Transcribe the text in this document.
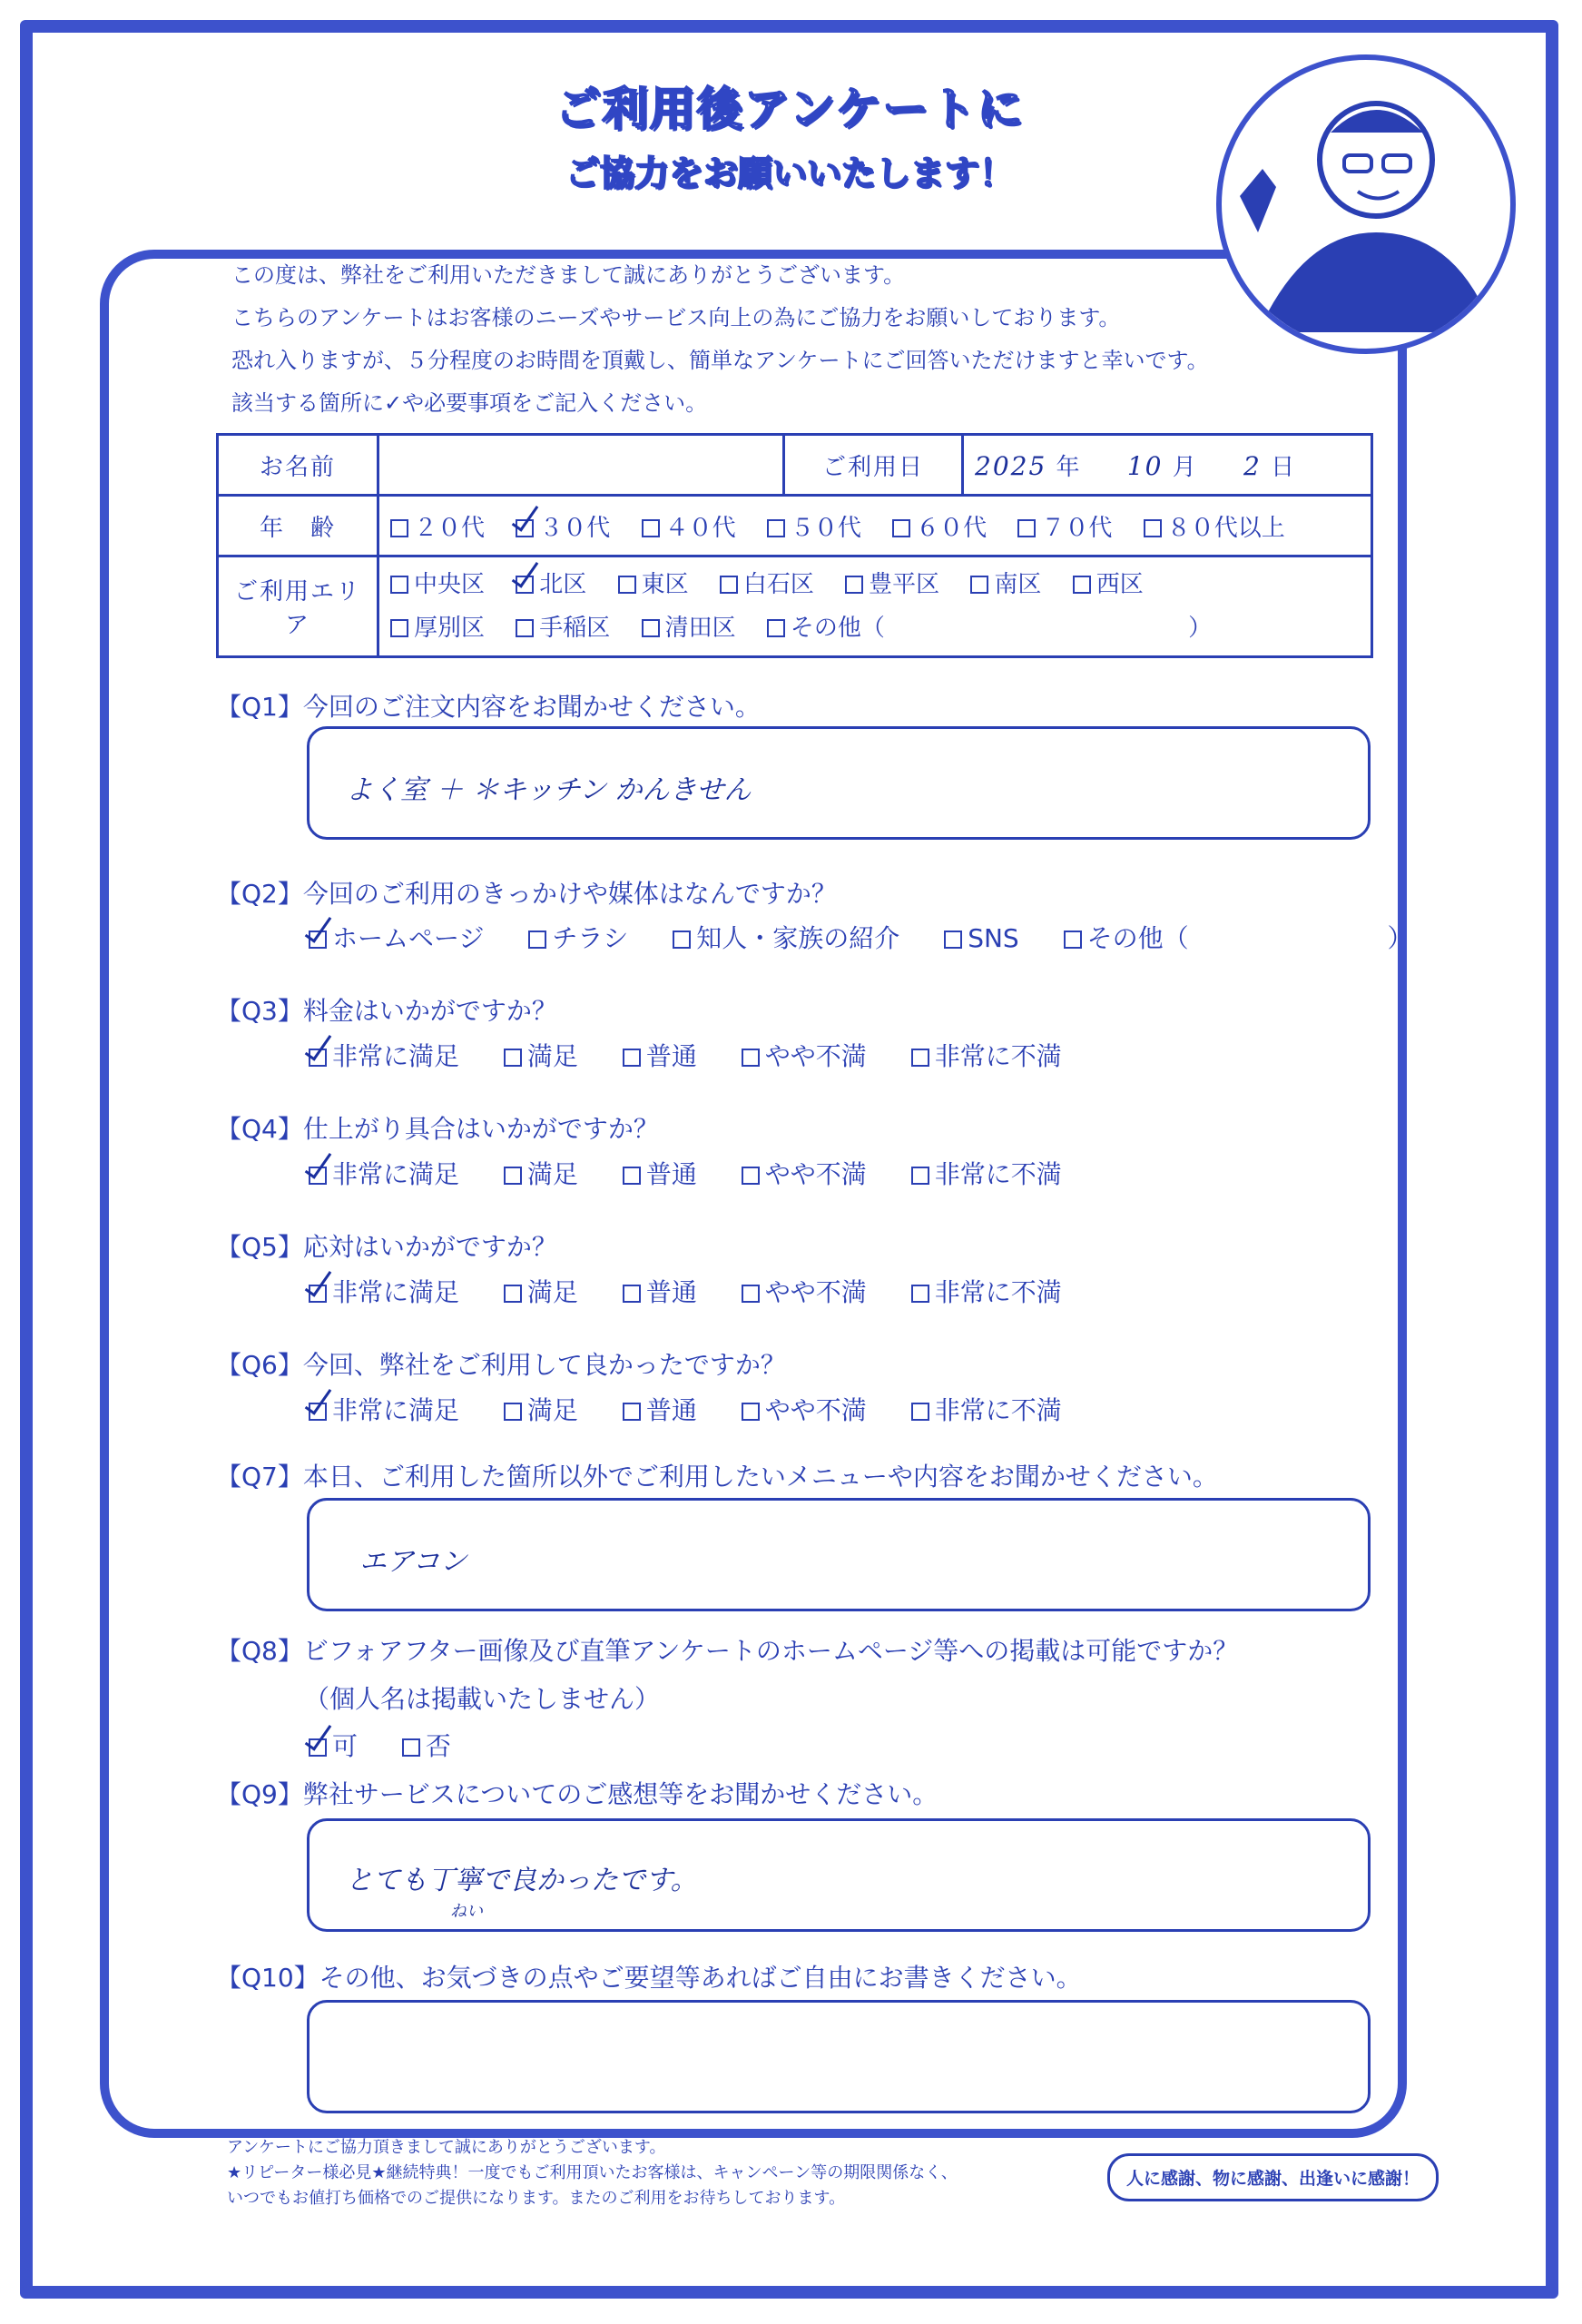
ご利用後アンケートに
ご協力をお願いいたします！
この度は、弊社をご利用いただきまして誠にありがとうございます。
こちらのアンケートはお客様のニーズやサービス向上の為にご協力をお願いしております。
恐れ入りますが、５分程度のお時間を頂戴し、簡単なアンケートにご回答いただけますと幸いです。
該当する箇所に✓や必要事項をご記入ください。
お名前		ご利用日	2025 年 10 月 2 日
年　齢	２０代 ３０代 ４０代 ５０代 ６０代 ７０代 ８０代以上		
ご利用エリア	中央区 北区 東区 白石区 豊平区 南区 西区
厚別区 手稲区 清田区 その他（ ）		
【Q1】今回のご注文内容をお聞かせください。
よく室 ＋ ＊キッチン かんきせん
【Q2】今回のご利用のきっかけや媒体はなんですか？
ホームページ	チラシ	知人・家族の紹介	SNS	その他（	）
【Q3】料金はいかがですか？
非常に満足	満足	普通	やや不満	非常に不満
【Q4】仕上がり具合はいかがですか？
非常に満足	満足	普通	やや不満	非常に不満
【Q5】応対はいかがですか？
非常に満足	満足	普通	やや不満	非常に不満
【Q6】今回、弊社をご利用して良かったですか？
非常に満足	満足	普通	やや不満	非常に不満
【Q7】本日、ご利用した箇所以外でご利用したいメニューや内容をお聞かせください。
エアコン
【Q8】ビフォアフター画像及び直筆アンケートのホームページ等への掲載は可能ですか？
（個人名は掲載いたしません）
可	否
【Q9】弊社サービスについてのご感想等をお聞かせください。
とても丁寧で良かったです。
ねい
【Q10】その他、お気づきの点やご要望等あればご自由にお書きください。
アンケートにご協力頂きまして誠にありがとうございます。
★リピーター様必見★継続特典！一度でもご利用頂いたお客様は、キャンペーン等の期限関係なく、
いつでもお値打ち価格でのご提供になります。またのご利用をお待ちしております。
人に感謝、物に感謝、出逢いに感謝！
